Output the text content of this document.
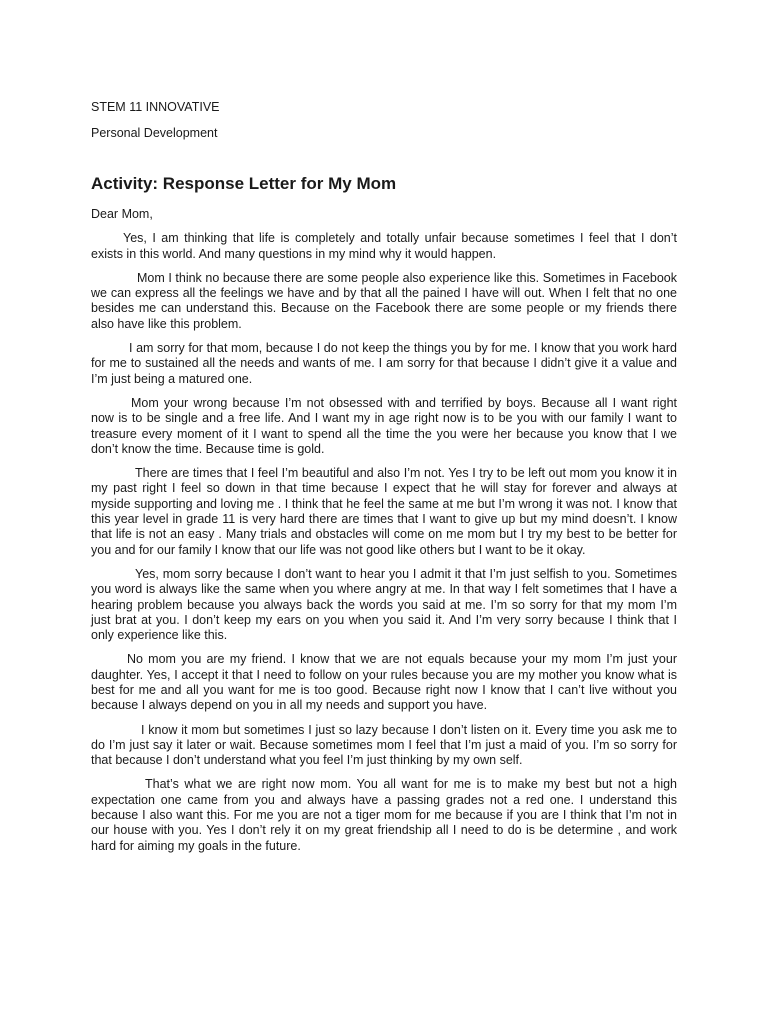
STEM 11 INNOVATIVE

Personal Development

Activity: Response Letter for My Mom

Dear Mom,

Yes, I am thinking that life is completely and totally unfair because sometimes I feel that I don’t exists in this world. And many questions in my mind why it would happen.

Mom I think no because there are some people also experience like this. Sometimes in Facebook we can express all the feelings we have and by that all the pained I have will out. When I felt that no one besides me can understand this. Because on the Facebook there are some people or my friends there also have like this problem.

I am sorry for that mom, because I do not keep the things you by for me. I know that you work hard for me to sustained all the needs and wants of me. I am sorry for that because I didn’t give it a value and I’m just being a matured one.

Mom your wrong because I’m not obsessed with and terrified by boys. Because all I want right now is to be single and a free life. And I want my in age right now is to be you with our family I want to treasure every moment of it I want to spend all the time the you were her because you know that I we don’t know the time. Because time is gold.

There are times that I feel I’m beautiful and also I’m not. Yes I try to be left out mom you know it in my past right I feel so down in that time because I expect that he will stay for forever and always at myside supporting and loving me . I think that he feel the same at me but I’m wrong it was not. I know that this year level in grade 11 is very hard there are times that I want to give up but my mind doesn’t. I know that life is not an easy . Many trials and obstacles will come on me mom but I try my best to be better for you and for our family I know that our life was not good like others but I want to be it okay.

Yes, mom sorry because I don’t want to hear you I admit it that I’m just selfish to you. Sometimes you word is always like the same when you where angry at me. In that way I felt sometimes that I have a hearing problem because you always back the words you said at me. I’m so sorry for that my mom I’m just brat at you. I don’t keep my ears on you when you said it. And I’m very sorry because I think that I only experience like this.

No mom you are my friend. I know that we are not equals because your my mom I’m just your daughter. Yes, I accept it that I need to follow on your rules because you are my mother you know what is best for me and all you want for me is too good. Because right now I know that I can’t live without you because I always depend on you in all my needs and support you have.

I know it mom but sometimes I just so lazy because I don’t listen on it. Every time you ask me to do I’m just say it later or wait. Because sometimes mom I feel that I’m just a maid of you. I’m so sorry for that because I don’t understand what you feel I’m just thinking by my own self.

That’s what we are right now mom. You all want for me is to make my best but not a high expectation one came from you and always have a passing grades not a red one. I understand this because I also want this. For me you are not a tiger mom for me because if you are I think that I’m not in our house with you. Yes I don’t rely it on my great friendship all I need to do is be determine , and work hard for aiming my goals in the future.
